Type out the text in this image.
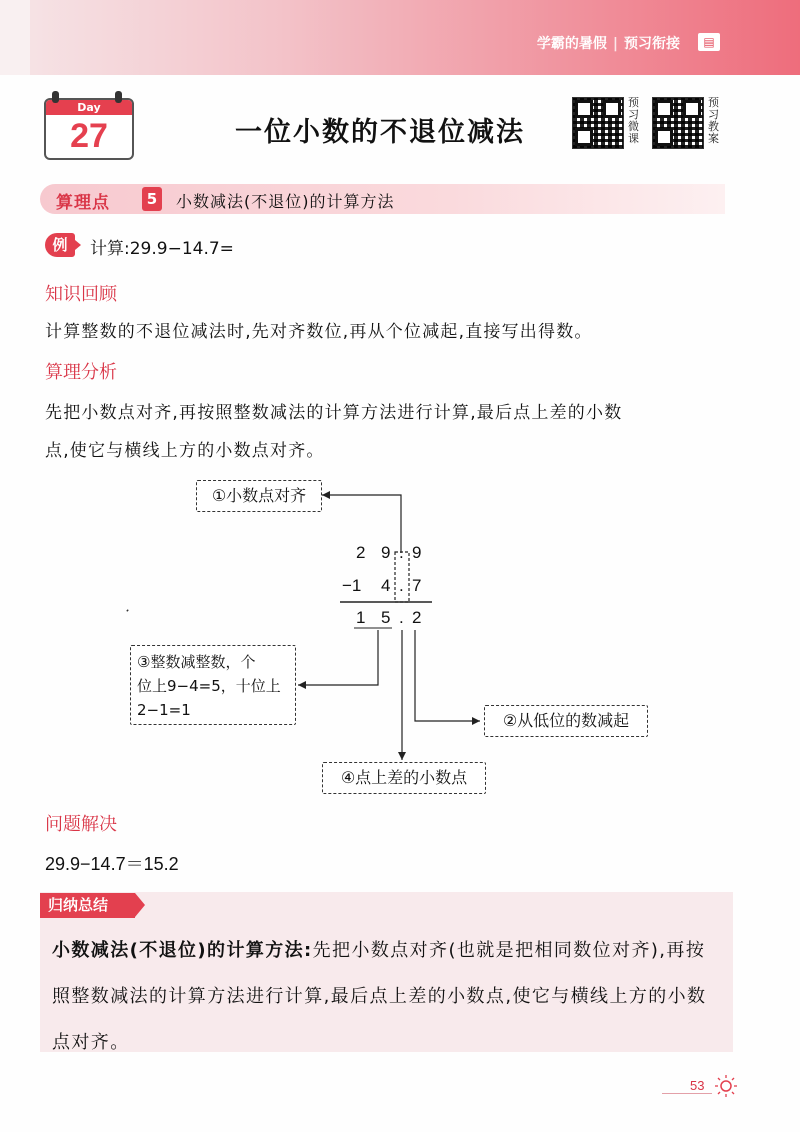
学霸的暑假 | 预习衔接	▤
Day
27	一位小数的不退位减法
预习微课
预习教案
算理点	5 小数减法(不退位)的计算方法
例	计算:29.9−14.7=
知识回顾
计算整数的不退位减法时,先对齐数位,再从个位减起,直接写出得数。
算理分析
先把小数点对齐,再按照整数减法的计算方法进行计算,最后点上差的小数
点,使它与横线上方的小数点对齐。
①小数点对齐
2 9 . 9
−1 4 . 7
1 5 . 2
③整数减整数，个
位上9−4=5，十位上
2−1=1
②从低位的数减起
④点上差的小数点
问题解决
29.9−14.7＝15.2
归纳总结
小数减法(不退位)的计算方法:先把小数点对齐(也就是把相同数位对齐),再按照整数减法的计算方法进行计算,最后点上差的小数点,使它与横线上方的小数点对齐。
53
